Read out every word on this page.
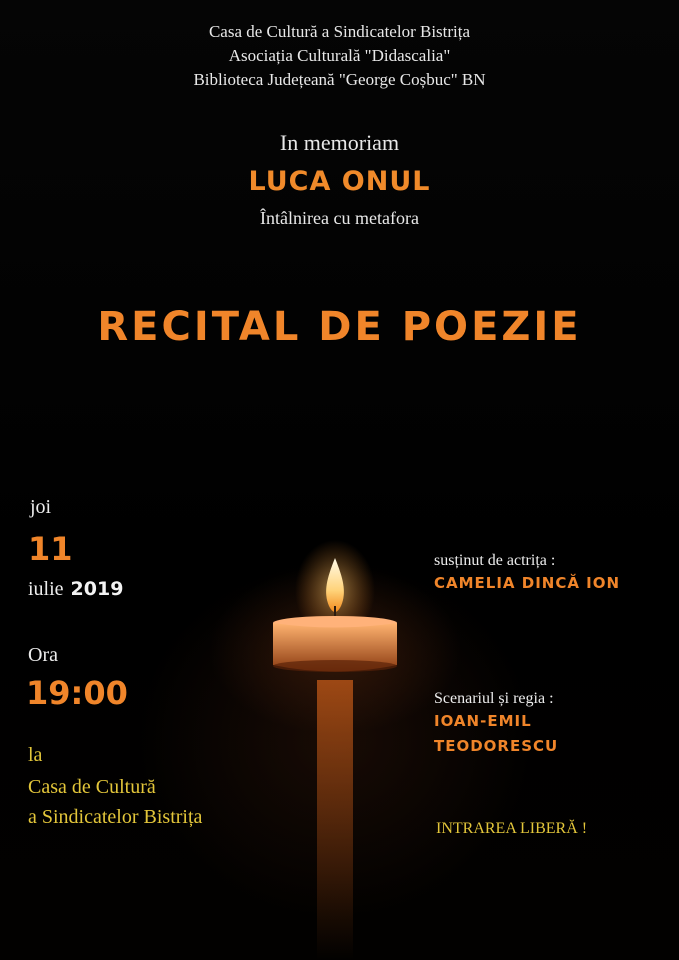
Casa de Cultură a Sindicatelor Bistrița
Asociația Culturală "Didascalia"
Biblioteca Județeană "George Coșbuc" BN
In memoriam
LUCA ONUL
Întâlnirea cu metafora
RECITAL DE POEZIE
joi
11
iulie 2019
Ora
19:00
la
Casa de Cultură
a Sindicatelor Bistrița
susținut de actrița :
CAMELIA DINCĂ ION
Scenariul și regia :
IOAN-EMIL
TEODORESCU
INTRAREA LIBERĂ !
